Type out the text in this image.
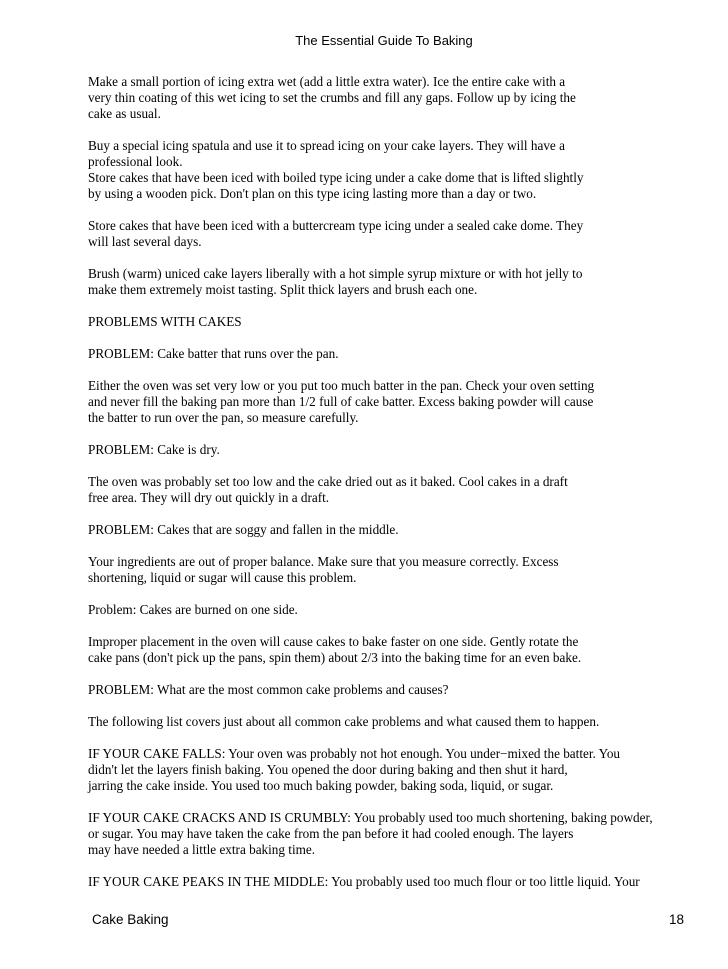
The Essential Guide To Baking
Make a small portion of icing extra wet (add a little extra water). Ice the entire cake with a
very thin coating of this wet icing to set the crumbs and fill any gaps. Follow up by icing the
cake as usual.
Buy a special icing spatula and use it to spread icing on your cake layers. They will have a
professional look.
Store cakes that have been iced with boiled type icing under a cake dome that is lifted slightly
by using a wooden pick. Don't plan on this type icing lasting more than a day or two.
Store cakes that have been iced with a buttercream type icing under a sealed cake dome. They
will last several days.
Brush (warm) uniced cake layers liberally with a hot simple syrup mixture or with hot jelly to
make them extremely moist tasting. Split thick layers and brush each one.
PROBLEMS WITH CAKES
PROBLEM: Cake batter that runs over the pan.
Either the oven was set very low or you put too much batter in the pan. Check your oven setting
and never fill the baking pan more than 1/2 full of cake batter. Excess baking powder will cause
the batter to run over the pan, so measure carefully.
PROBLEM: Cake is dry.
The oven was probably set too low and the cake dried out as it baked. Cool cakes in a draft
free area. They will dry out quickly in a draft.
PROBLEM: Cakes that are soggy and fallen in the middle.
Your ingredients are out of proper balance. Make sure that you measure correctly. Excess
shortening, liquid or sugar will cause this problem.
Problem: Cakes are burned on one side.
Improper placement in the oven will cause cakes to bake faster on one side. Gently rotate the
cake pans (don't pick up the pans, spin them) about 2/3 into the baking time for an even bake.
PROBLEM: What are the most common cake problems and causes?
The following list covers just about all common cake problems and what caused them to happen.
IF YOUR CAKE FALLS: Your oven was probably not hot enough. You under−mixed the batter. You
didn't let the layers finish baking. You opened the door during baking and then shut it hard,
jarring the cake inside. You used too much baking powder, baking soda, liquid, or sugar.
IF YOUR CAKE CRACKS AND IS CRUMBLY: You probably used too much shortening, baking powder,
or sugar. You may have taken the cake from the pan before it had cooled enough. The layers
may have needed a little extra baking time.
IF YOUR CAKE PEAKS IN THE MIDDLE: You probably used too much flour or too little liquid. Your
Cake Baking	18
